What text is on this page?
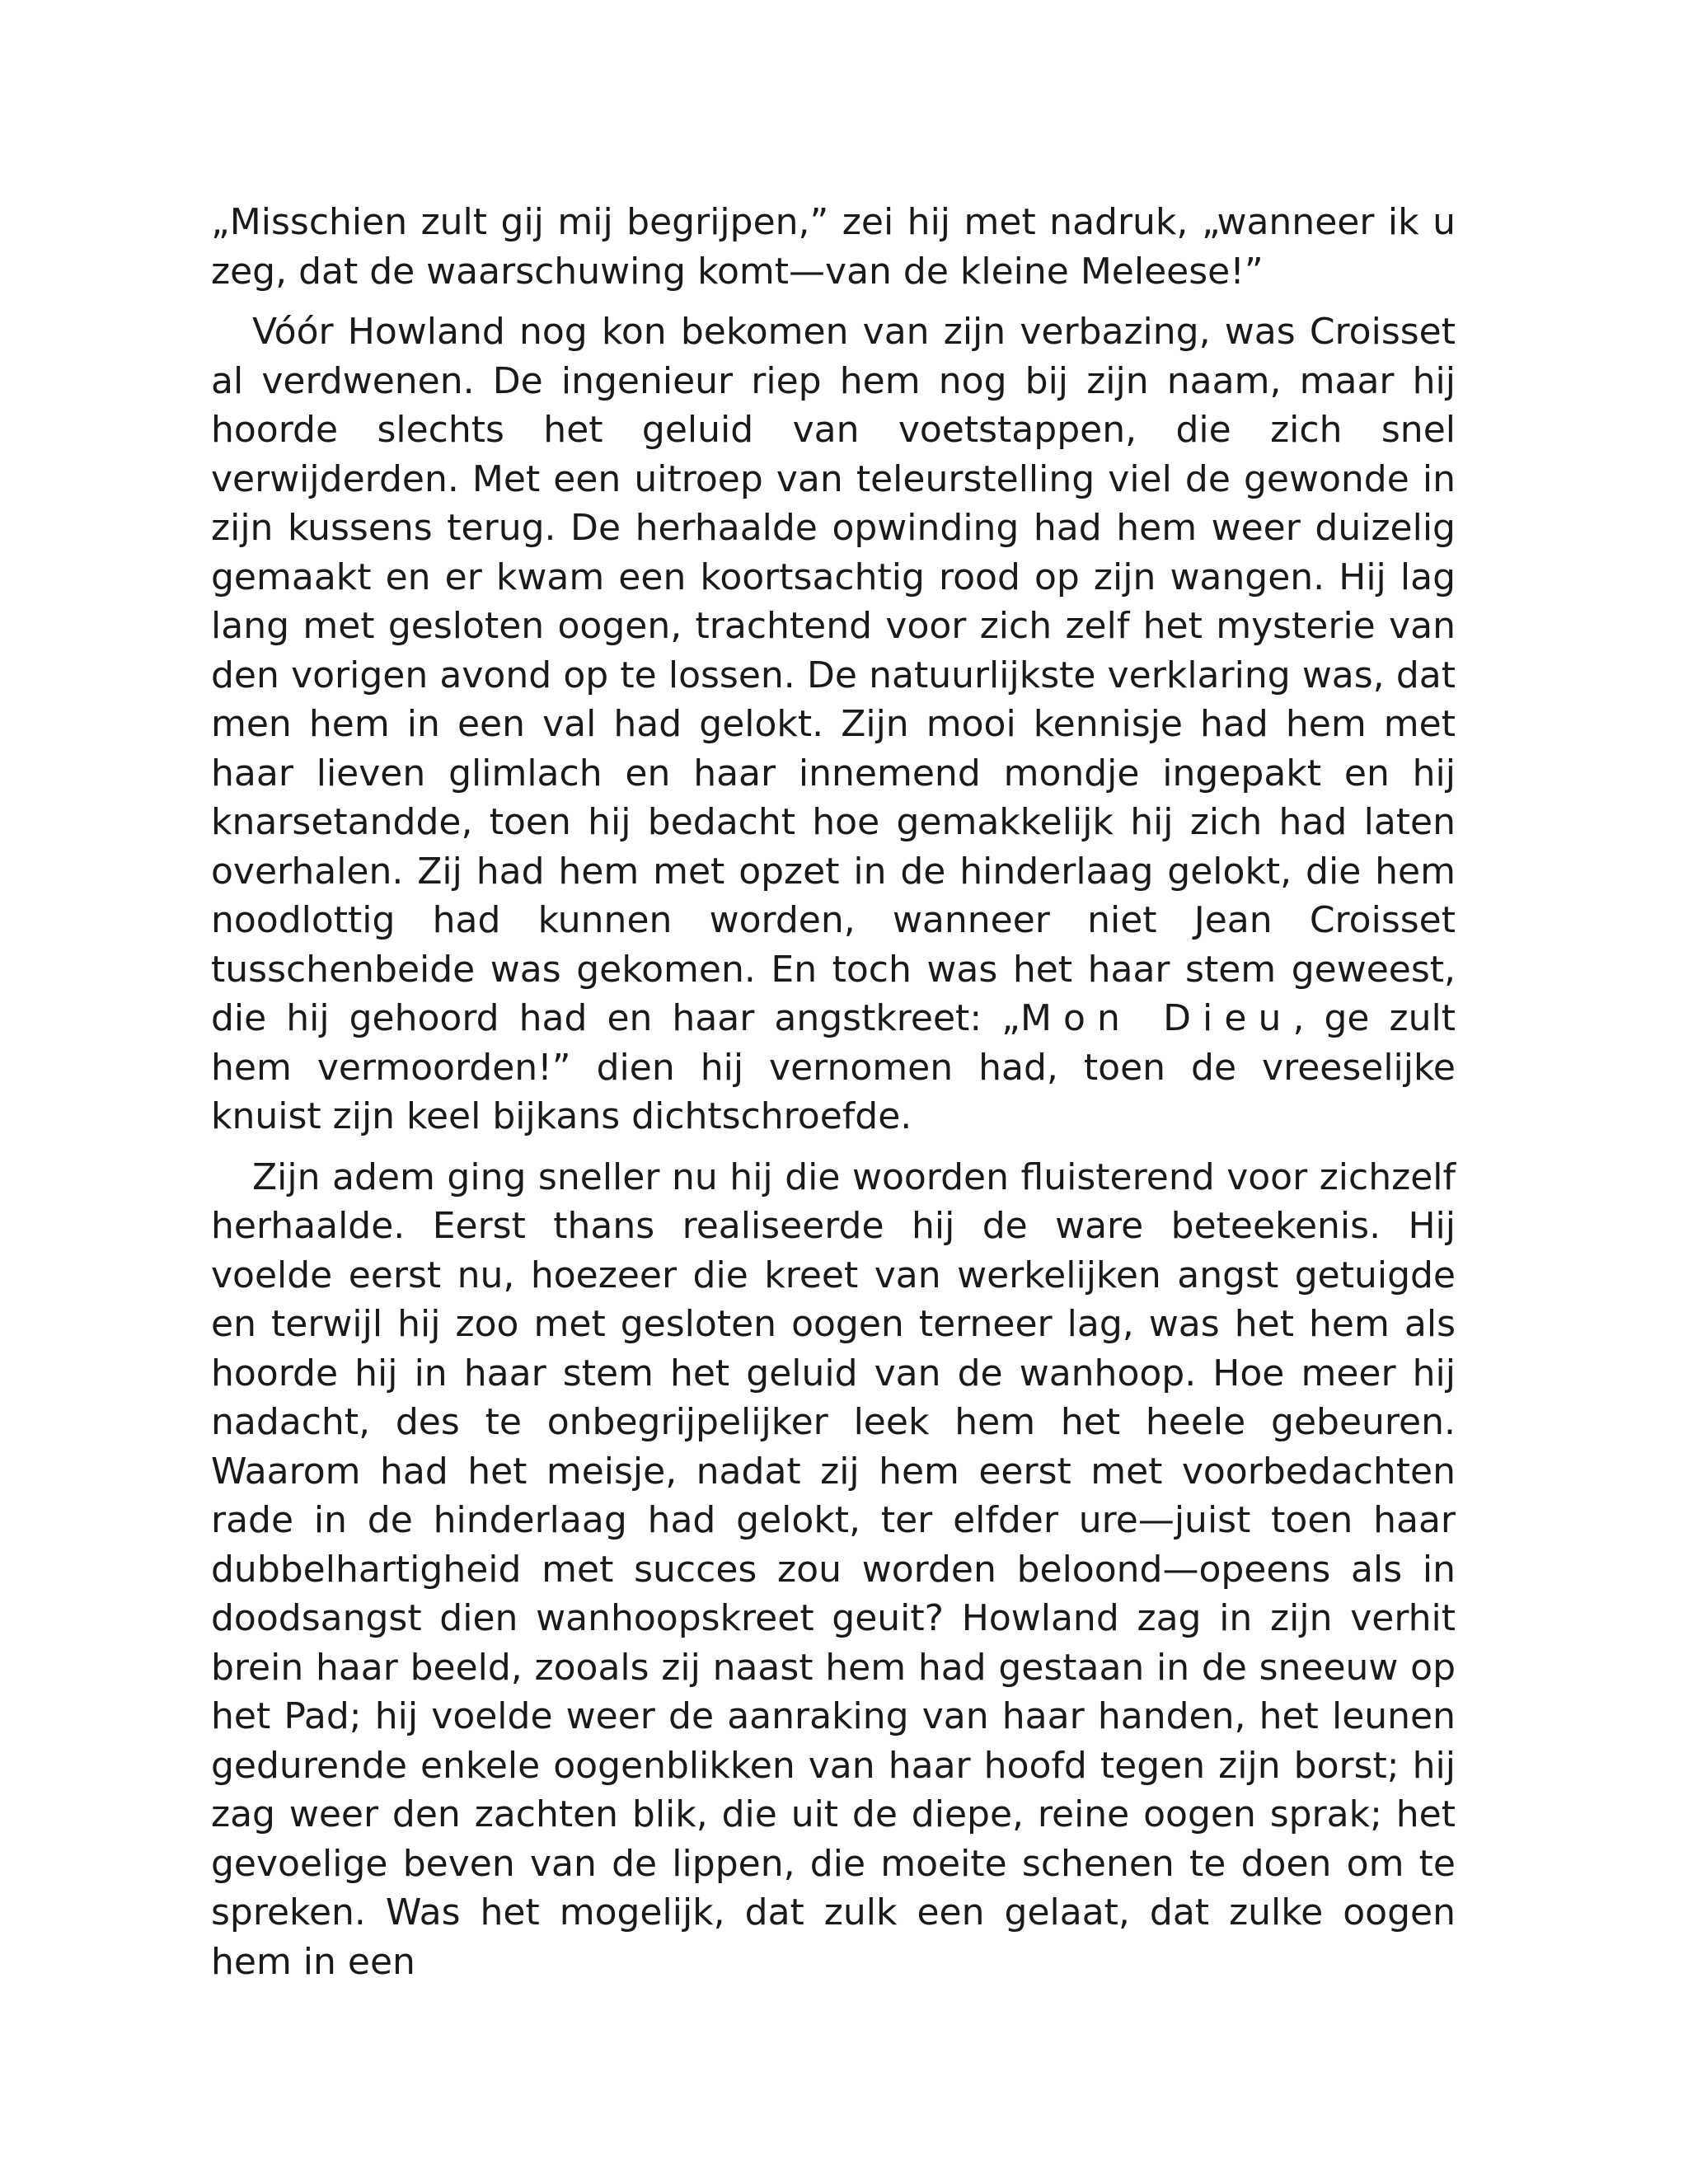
„Misschien zult gij mij begrijpen,” zei hij met nadruk, „wanneer ik u zeg, dat de waarschuwing komt—van de kleine Meleese!”

Vóór Howland nog kon bekomen van zijn verbazing, was Croisset al verdwenen. De ingenieur riep hem nog bij zijn naam, maar hij hoorde slechts het geluid van voetstappen, die zich snel verwijderden. Met een uitroep van teleurstelling viel de gewonde in zijn kussens terug. De herhaalde opwinding had hem weer duizelig gemaakt en er kwam een koortsachtig rood op zijn wangen. Hij lag lang met gesloten oogen, trachtend voor zich zelf het mysterie van den vorigen avond op te lossen. De natuurlijkste verklaring was, dat men hem in een val had gelokt. Zijn mooi kennisje had hem met haar lieven glimlach en haar innemend mondje ingepakt en hij knarsetandde, toen hij bedacht hoe gemakkelijk hij zich had laten overhalen. Zij had hem met opzet in de hinderlaag gelokt, die hem noodlottig had kunnen worden, wanneer niet Jean Croisset tusschenbeide was gekomen. En toch was het haar stem geweest, die hij gehoord had en haar angstkreet: „Mon Dieu, ge zult hem vermoorden!” dien hij vernomen had, toen de vreeselijke knuist zijn keel bijkans dichtschroefde.

Zijn adem ging sneller nu hij die woorden fluisterend voor zichzelf herhaalde. Eerst thans realiseerde hij de ware beteekenis. Hij voelde eerst nu, hoezeer die kreet van werkelijken angst getuigde en terwijl hij zoo met gesloten oogen terneer lag, was het hem als hoorde hij in haar stem het geluid van de wanhoop. Hoe meer hij nadacht, des te onbegrijpelijker leek hem het heele gebeuren. Waarom had het meisje, nadat zij hem eerst met voorbedachten rade in de hinderlaag had gelokt, ter elfder ure—juist toen haar dubbelhartigheid met succes zou worden beloond—opeens als in doodsangst dien wanhoopskreet geuit? Howland zag in zijn verhit brein haar beeld, zooals zij naast hem had gestaan in de sneeuw op het Pad; hij voelde weer de aanraking van haar handen, het leunen gedurende enkele oogenblikken van haar hoofd tegen zijn borst; hij zag weer den zachten blik, die uit de diepe, reine oogen sprak; het gevoelige beven van de lippen, die moeite schenen te doen om te spreken. Was het mogelijk, dat zulk een gelaat, dat zulke oogen hem in een
